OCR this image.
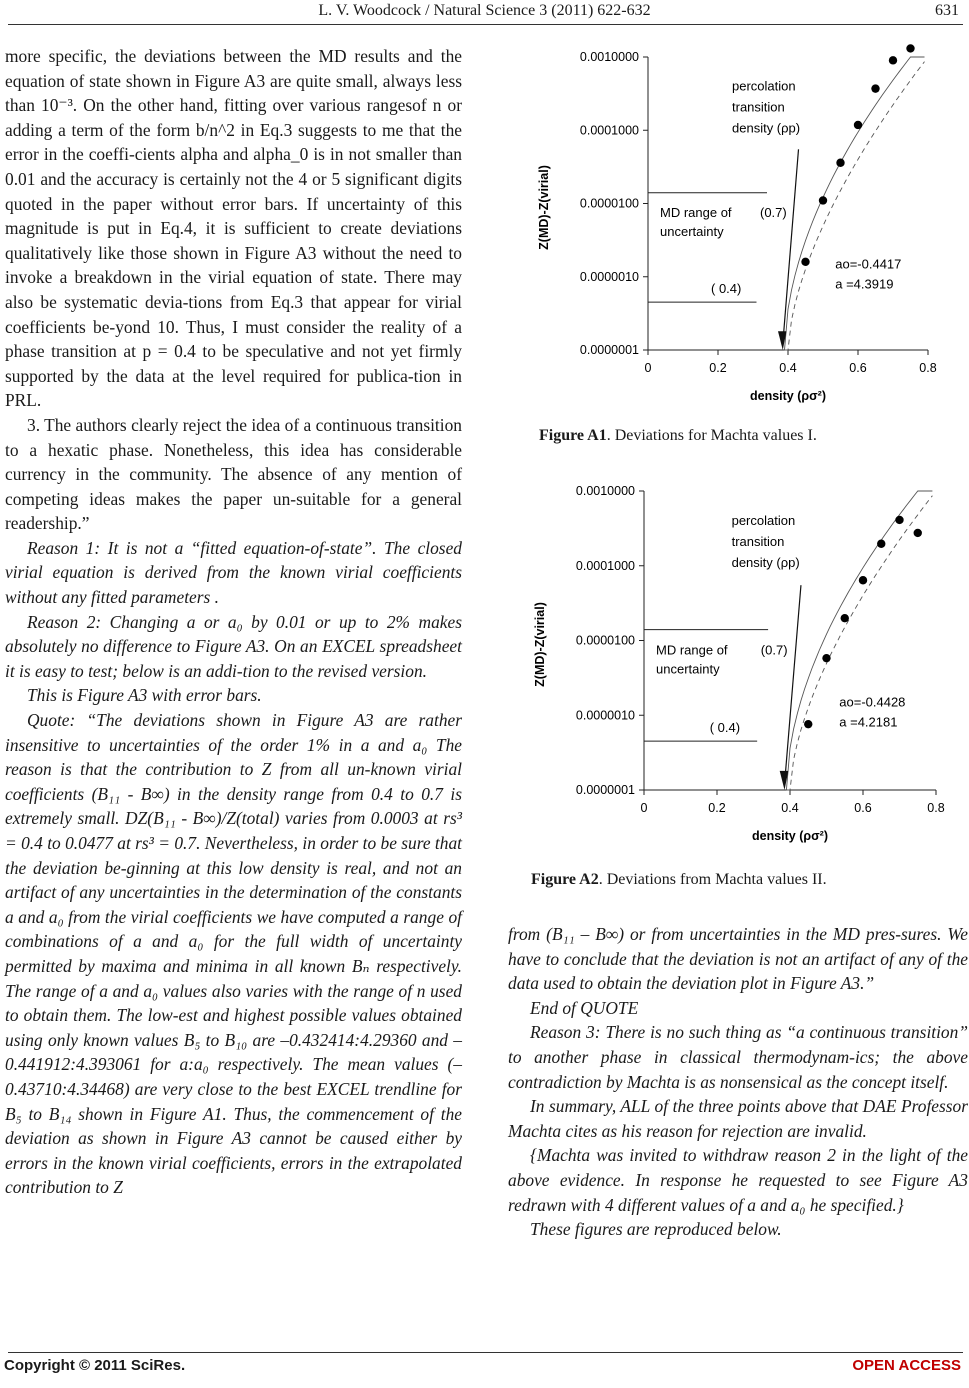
L. V. Woodcock / Natural Science 3 (2011) 622-632	631

more specific, the deviations between the MD results and the equation of state shown in Figure A3 are quite small, always less than 10⁻³. On the other hand, fitting over various rangesof n or adding a term of the form b/n^2 in Eq.3 suggests to me that the error in the coeffi-cients alpha and alpha_0 is in not smaller than 0.01 and the accuracy is certainly not the 4 or 5 significant digits quoted in the paper without error bars. If uncertainty of this magnitude is put in Eq.4, it is sufficient to create deviations qualitatively like those shown in Figure A3 without the need to invoke a breakdown in the virial equation of state. There may also be systematic devia-tions from Eq.3 that appear for virial coefficients be-yond 10. Thus, I must consider the reality of a phase transition at p = 0.4 to be speculative and not yet firmly supported by the data at the level required for publica-tion in PRL.

3. The authors clearly reject the idea of a continuous transition to a hexatic phase. Nonetheless, this idea has considerable currency in the community. The absence of any mention of competing ideas makes the paper un-suitable for a general readership.”

Reason 1: It is not a “fitted equation-of-state”. The closed virial equation is derived from the known virial coefficients without any fitted parameters .

Reason 2: Changing a or a₀ by 0.01 or up to 2% makes absolutely no difference to Figure A3. On an EXCEL spreadsheet it is easy to test; below is an addi-tion to the revised version.

This is Figure A3 with error bars.

Quote: “The deviations shown in Figure A3 are rather insensitive to uncertainties of the order 1% in a and a₀ The reason is that the contribution to Z from all un-known virial coefficients (B₁₁ - B∞) in the density range from 0.4 to 0.7 is extremely small. DZ(B₁₁ - B∞)/Z(total) varies from 0.0003 at rs³ = 0.4 to 0.0477 at rs³ = 0.7. Nevertheless, in order to be sure that the deviation be-ginning at this low density is real, and not an artifact of any uncertainties in the determination of the constants a and a₀ from the virial coefficients we have computed a range of combinations of a and a₀ for the full width of uncertainty permitted by maxima and minima in all known Bₙ respectively. The range of a and a₀ values also varies with the range of n used to obtain them. The low-est and highest possible values obtained using only known values B₅ to B₁₀ are –0.432414:4.29360 and –0.441912:4.393061 for a:a₀ respectively. The mean values (–0.43710:4.34468) are very close to the best EXCEL trendline for B₅ to B₁₄ shown in Figure A1. Thus, the commencement of the deviation as shown in Figure A3 cannot be caused either by errors in the known virial coefficients, errors in the extrapolated contribution to Z

0.0000001
0.0000010
0.0000100
0.0001000
0.0010000
0	0.2	0.4	0.6	0.8
density (ρσ²)
Z(MD)-Z(virial)	MD range of
uncertainty
(0.7)
( 0.4)
percolation
transition
density (ρp)
ao=-0.4417
a =4.3919
Figure A1. Deviations for Machta values I.
0.0000001
0.0000010
0.0000100
0.0001000
0.0010000
0	0.2	0.4	0.6	0.8
density (ρσ²)
Z(MD)-Z(virial)	MD range of
uncertainty
(0.7)
( 0.4)
percolation
transition
density (ρp)
ao=-0.4428
a =4.2181
Figure A2. Deviations from Machta values II.

from (B₁₁ – B∞) or from uncertainties in the MD pres-sures. We have to conclude that the deviation is not an artifact of any of the data used to obtain the deviation plot in Figure A3.”

End of QUOTE

Reason 3: There is no such thing as “a continuous transition” to another phase in classical thermodynam-ics; the above contradiction by Machta is as nonsensical as the concept itself.

In summary, ALL of the three points above that DAE Professor Machta cites as his reason for rejection are invalid.

{Machta was invited to withdraw reason 2 in the light of the above evidence. In response he requested to see Figure A3 redrawn with 4 different values of a and a₀ he specified.}

These figures are reproduced below.

Copyright © 2011 SciRes.	OPEN ACCESS
